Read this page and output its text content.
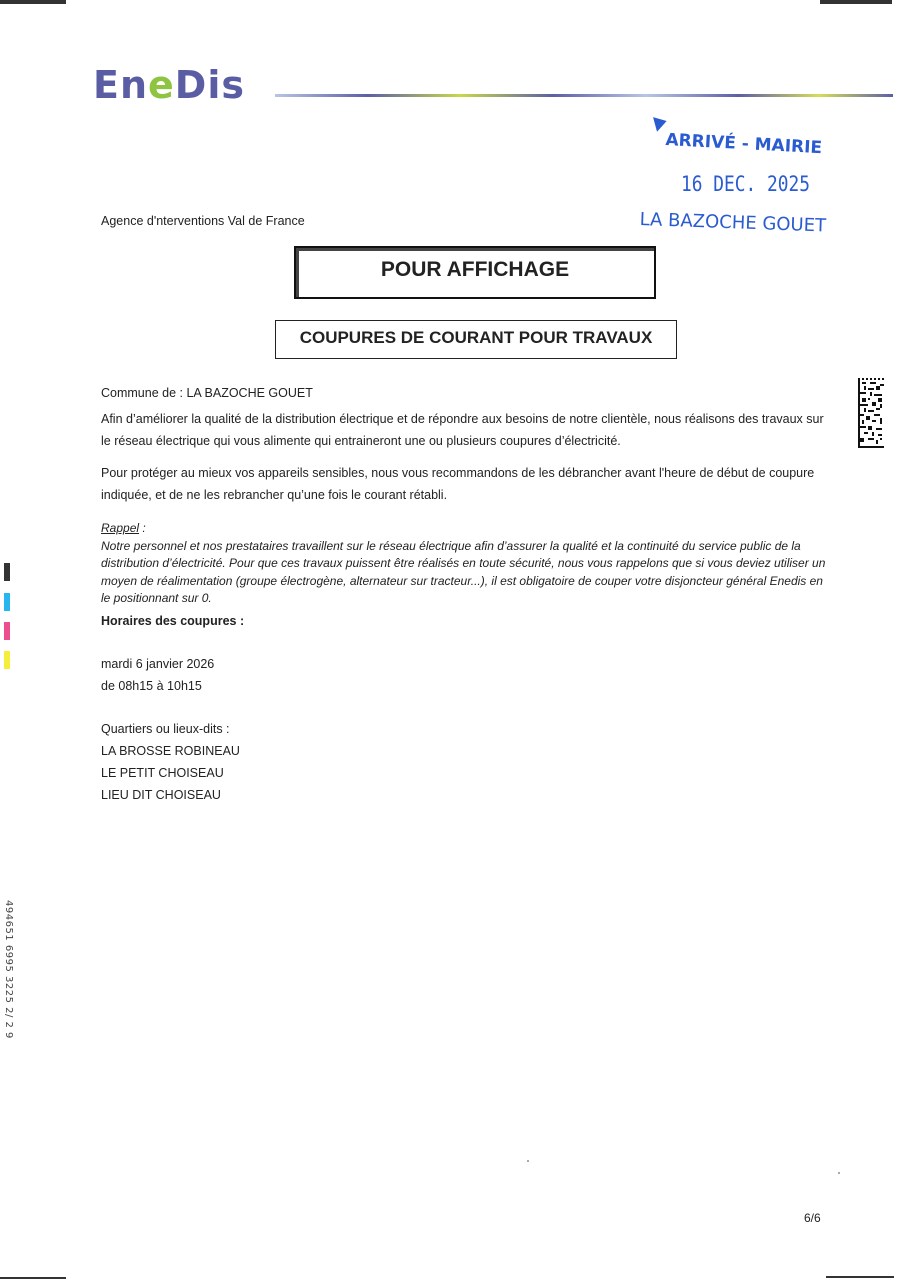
EneDis
ARRIVÉ - MAIRIE
16 DEC. 2025
LA BAZOCHE GOUET
Agence d'nterventions Val de France
POUR AFFICHAGE
COUPURES DE COURANT POUR TRAVAUX
Commune de : LA BAZOCHE GOUET
Afin d’améliorer la qualité de la distribution électrique et de répondre aux besoins de notre clientèle, nous réalisons des travaux sur le réseau électrique qui vous alimente qui entraineront une ou plusieurs coupures d’électricité.
Pour protéger au mieux vos appareils sensibles, nous vous recommandons de les débrancher avant l'heure de début de coupure indiquée, et de ne les rebrancher qu’une fois le courant rétabli.
Rappel :
Notre personnel et nos prestataires travaillent sur le réseau électrique afin d’assurer la qualité et la continuité du service public de la distribution d’électricité. Pour que ces travaux puissent être réalisés en toute sécurité, nous vous rappelons que si vous deviez utiliser un moyen de réalimentation (groupe électrogène, alternateur sur tracteur...), il est obligatoire de couper votre disjoncteur général Enedis en le positionnant sur 0.
Horaires des coupures :
mardi 6 janvier 2026
de 08h15 à 10h15
Quartiers ou lieux-dits :
LA BROSSE ROBINEAU
LE PETIT CHOISEAU
LIEU DIT CHOISEAU
494651 6995 3225 2/ 2 9
6/6
